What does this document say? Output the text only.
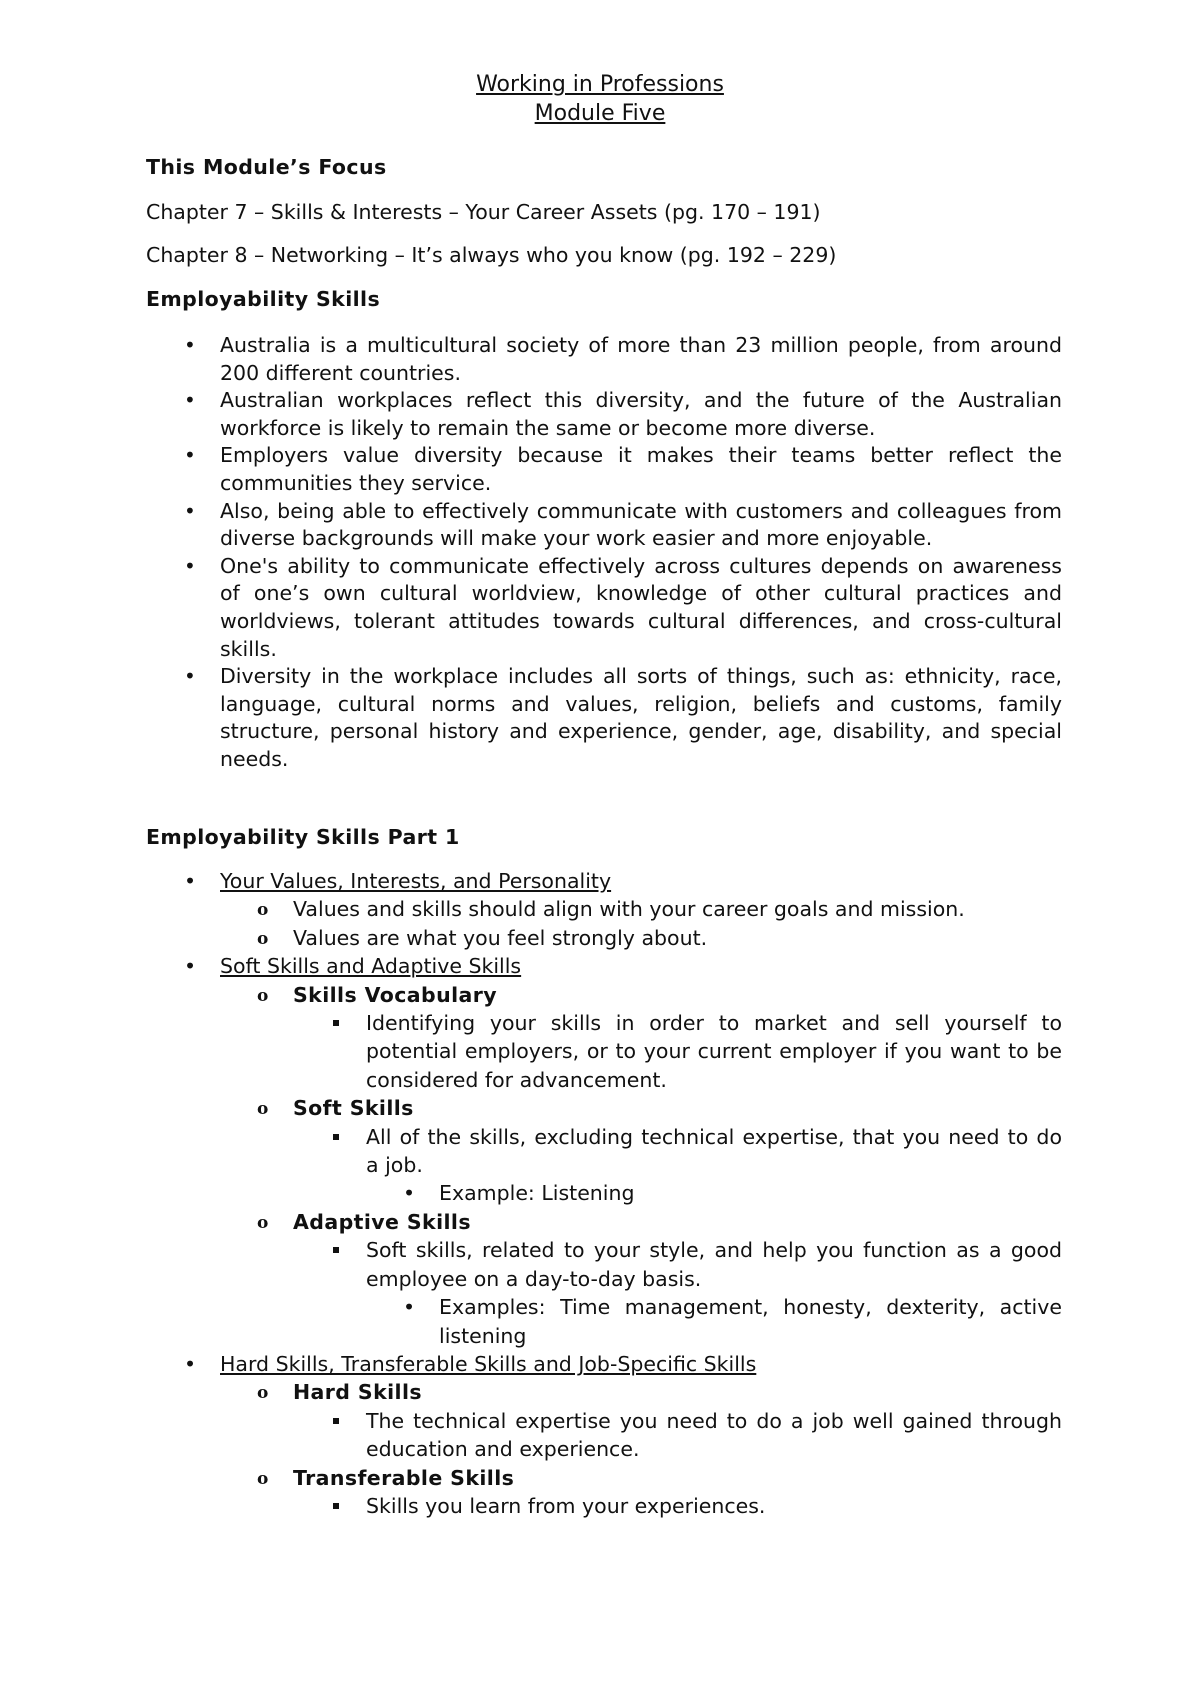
Working in Professions
Module Five
This Module’s Focus
Chapter 7 – Skills & Interests – Your Career Assets (pg. 170 – 191)
Chapter 8 – Networking – It’s always who you know (pg. 192 – 229)
Employability Skills
• Australia is a multicultural society of more than 23 million people, from around 200 different countries.
• Australian workplaces reflect this diversity, and the future of the Australian workforce is likely to remain the same or become more diverse.
• Employers value diversity because it makes their teams better reflect the communities they service.
• Also, being able to effectively communicate with customers and colleagues from diverse backgrounds will make your work easier and more enjoyable.
• One's ability to communicate effectively across cultures depends on awareness of one’s own cultural worldview, knowledge of other cultural practices and worldviews, tolerant attitudes towards cultural differences, and cross-cultural skills.
• Diversity in the workplace includes all sorts of things, such as: ethnicity, race, language, cultural norms and values, religion, beliefs and customs, family structure, personal history and experience, gender, age, disability, and special needs.
Employability Skills Part 1
• Your Values, Interests, and Personality
o Values and skills should align with your career goals and mission.
o Values are what you feel strongly about.
• Soft Skills and Adaptive Skills
o Skills Vocabulary
Identifying your skills in order to market and sell yourself to potential employers, or to your current employer if you want to be considered for advancement.
o Soft Skills
All of the skills, excluding technical expertise, that you need to do a job.
• Example: Listening
o Adaptive Skills
Soft skills, related to your style, and help you function as a good employee on a day-to-day basis.
• Examples: Time management, honesty, dexterity, active listening
• Hard Skills, Transferable Skills and Job-Specific Skills
o Hard Skills
The technical expertise you need to do a job well gained through education and experience.
o Transferable Skills
Skills you learn from your experiences.
